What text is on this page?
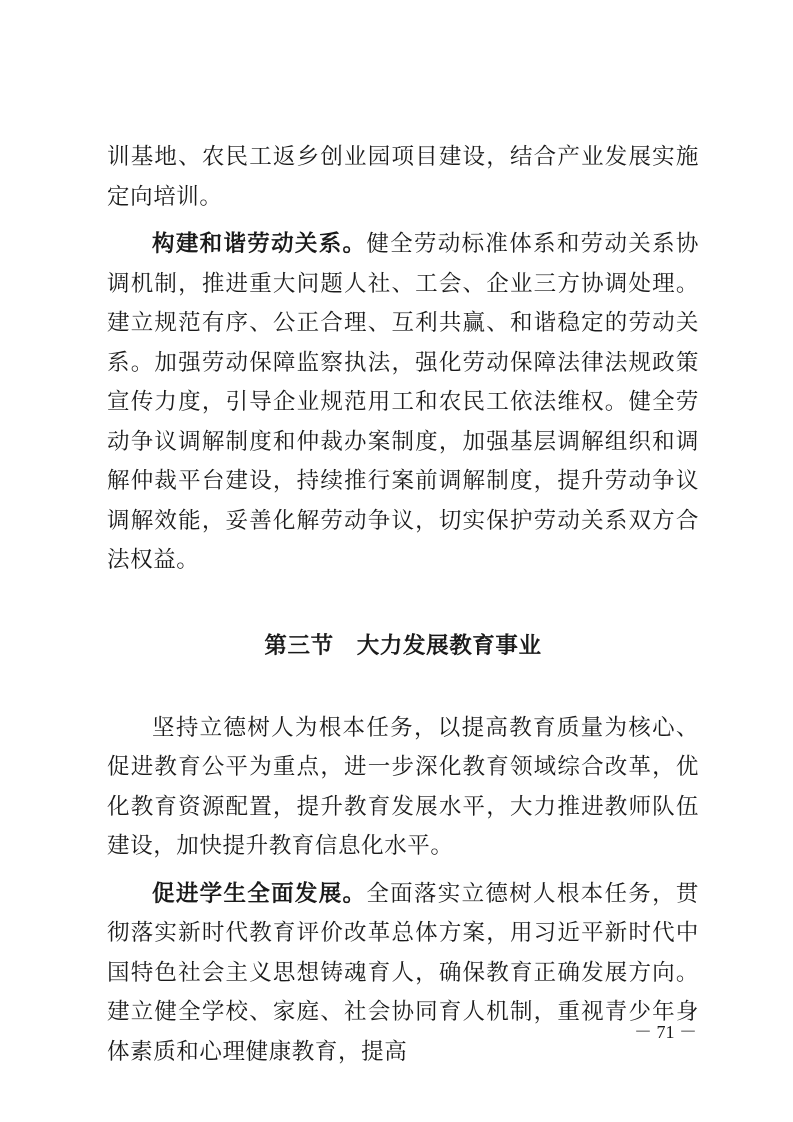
训基地、农民工返乡创业园项目建设，结合产业发展实施定向培训。

构建和谐劳动关系。健全劳动标准体系和劳动关系协调机制，推进重大问题人社、工会、企业三方协调处理。建立规范有序、公正合理、互利共赢、和谐稳定的劳动关系。加强劳动保障监察执法，强化劳动保障法律法规政策宣传力度，引导企业规范用工和农民工依法维权。健全劳动争议调解制度和仲裁办案制度，加强基层调解组织和调解仲裁平台建设，持续推行案前调解制度，提升劳动争议调解效能，妥善化解劳动争议，切实保护劳动关系双方合法权益。

第三节　大力发展教育事业

坚持立德树人为根本任务，以提高教育质量为核心、促进教育公平为重点，进一步深化教育领域综合改革，优化教育资源配置，提升教育发展水平，大力推进教师队伍建设，加快提升教育信息化水平。

促进学生全面发展。全面落实立德树人根本任务，贯彻落实新时代教育评价改革总体方案，用习近平新时代中国特色社会主义思想铸魂育人，确保教育正确发展方向。建立健全学校、家庭、社会协同育人机制，重视青少年身体素质和心理健康教育，提高

－ 71 －
